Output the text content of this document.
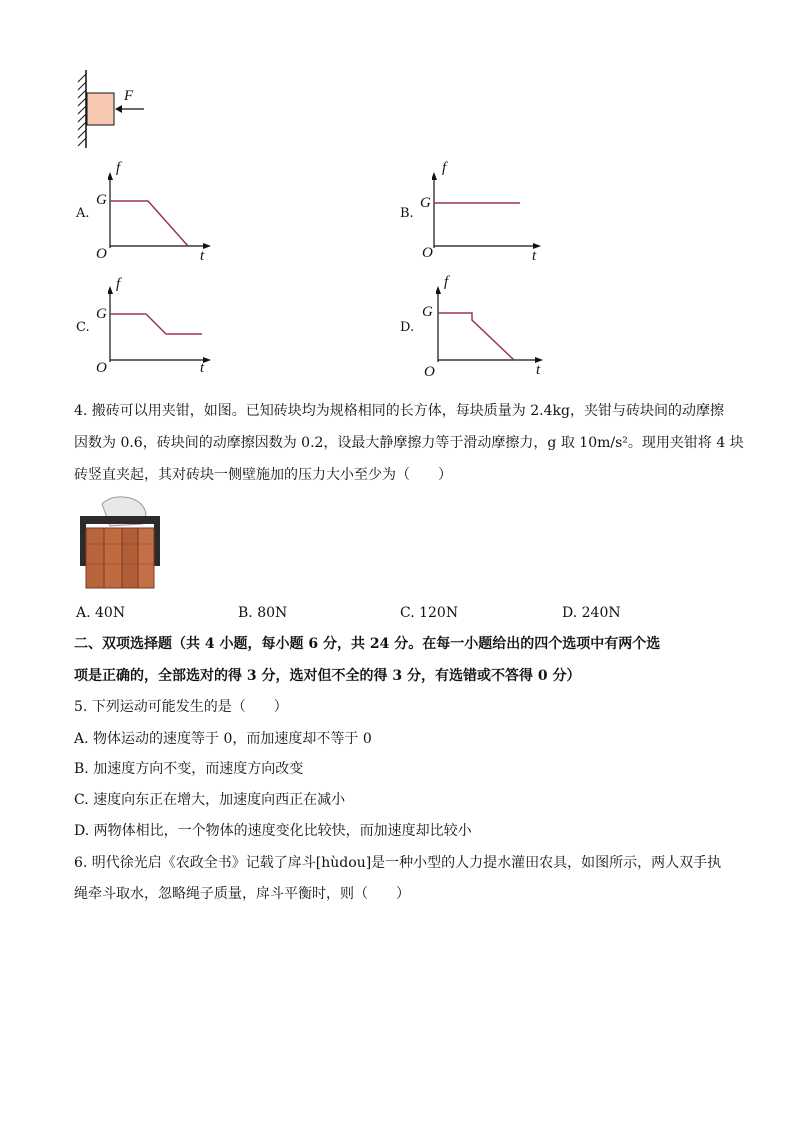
F
A.
f
G
O	t
B.
f
G
O	t
C.
f
G
O	t
D.
f
G
O	t
4. 搬砖可以用夹钳，如图。已知砖块均为规格相同的长方体，每块质量为 2.4kg，夹钳与砖块间的动摩擦
因数为 0.6，砖块间的动摩擦因数为 0.2，设最大静摩擦力等于滑动摩擦力，g 取 10m/s²。现用夹钳将 4 块
砖竖直夹起，其对砖块一侧壁施加的压力大小至少为（　　）
A. 40N	B. 80N	C. 120N	D. 240N
二、双项选择题（共 4 小题，每小题 6 分，共 24 分。在每一小题给出的四个选项中有两个选
项是正确的，全部选对的得 3 分，选对但不全的得 3 分，有选错或不答得 0 分）
5. 下列运动可能发生的是（　　）
A. 物体运动的速度等于 0，而加速度却不等于 0
B. 加速度方向不变，而速度方向改变
C. 速度向东正在增大，加速度向西正在减小
D. 两物体相比，一个物体的速度变化比较快，而加速度却比较小
6. 明代徐光启《农政全书》记载了戽斗[hùdou]是一种小型的人力提水灌田农具，如图所示，两人双手执
绳牵斗取水，忽略绳子质量，戽斗平衡时，则（　　）
